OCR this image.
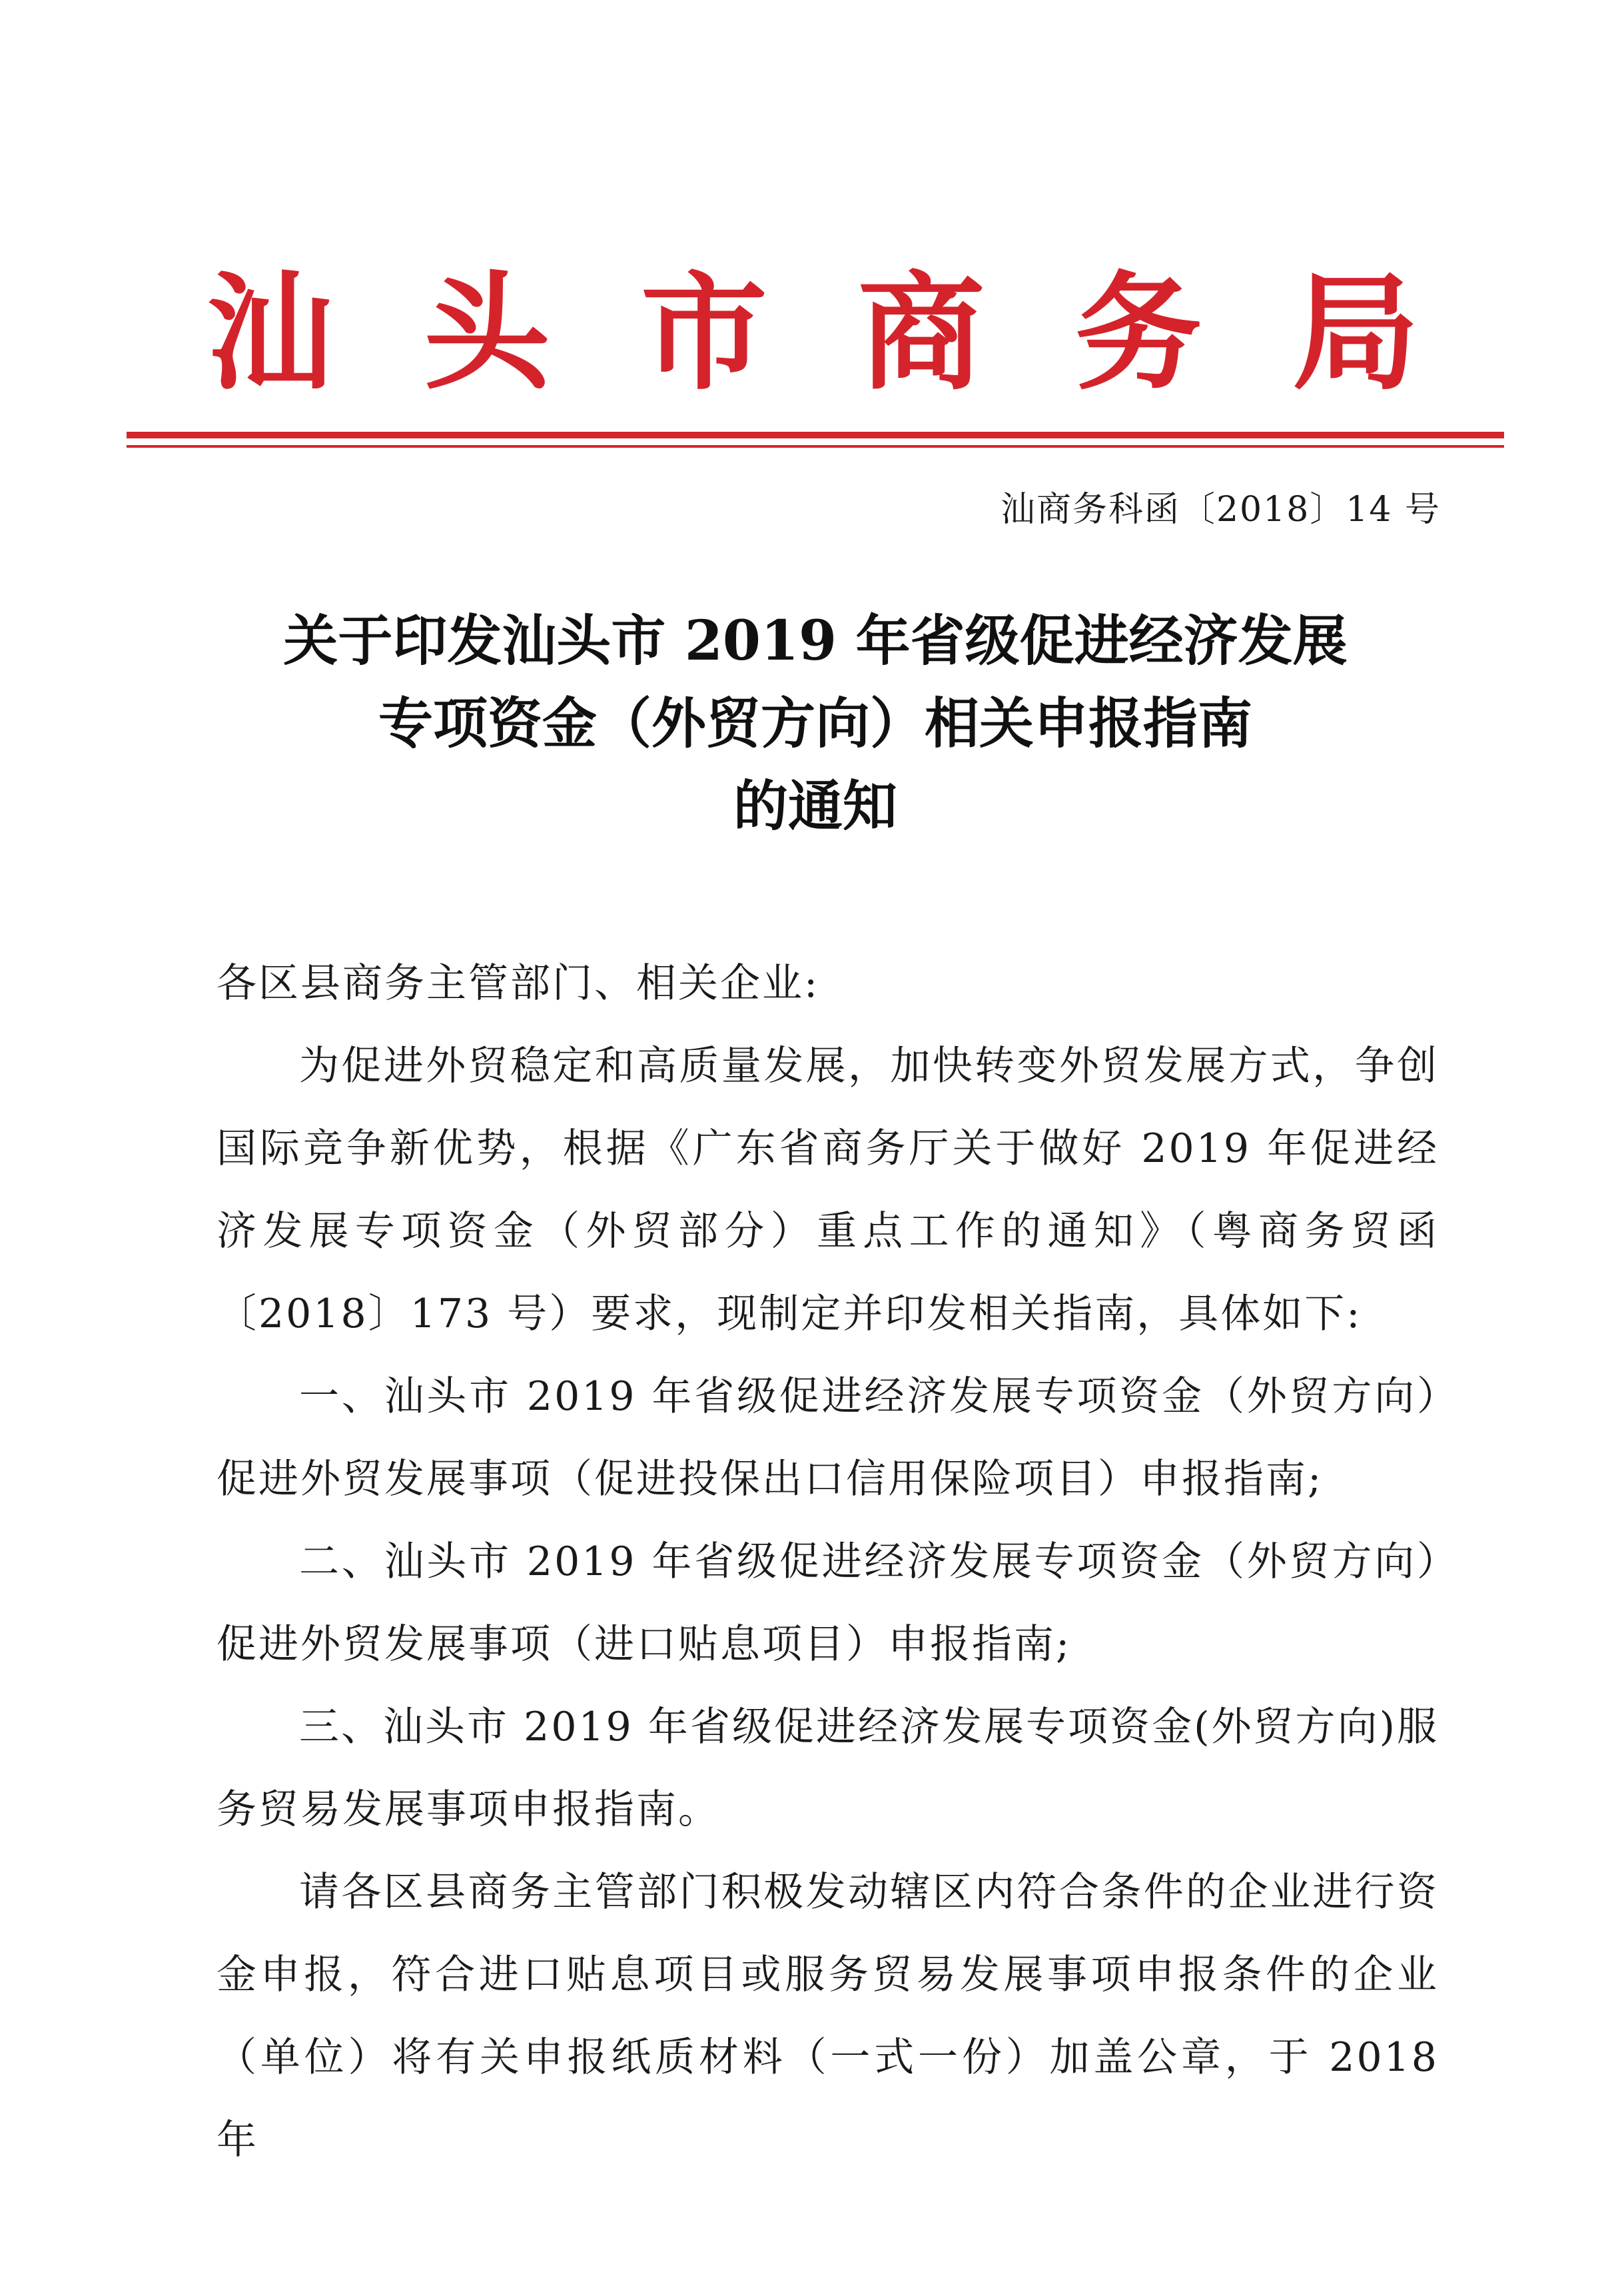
汕 头 市 商 务 局
汕商务科函〔2018〕14 号
关于印发汕头市 2019 年省级促进经济发展
专项资金（外贸方向）相关申报指南
的通知

各区县商务主管部门、相关企业:

为促进外贸稳定和高质量发展，加快转变外贸发展方式，争创国际竞争新优势，根据《广东省商务厅关于做好 2019 年促进经济发展专项资金（外贸部分）重点工作的通知》（粤商务贸函〔2018〕173 号）要求，现制定并印发相关指南，具体如下:

一、汕头市 2019 年省级促进经济发展专项资金（外贸方向）促进外贸发展事项（促进投保出口信用保险项目）申报指南;

二、汕头市 2019 年省级促进经济发展专项资金（外贸方向）促进外贸发展事项（进口贴息项目）申报指南;

三、汕头市 2019 年省级促进经济发展专项资金(外贸方向)服务贸易发展事项申报指南。

请各区县商务主管部门积极发动辖区内符合条件的企业进行资金申报，符合进口贴息项目或服务贸易发展事项申报条件的企业（单位）将有关申报纸质材料（一式一份）加盖公章，于 2018 年
